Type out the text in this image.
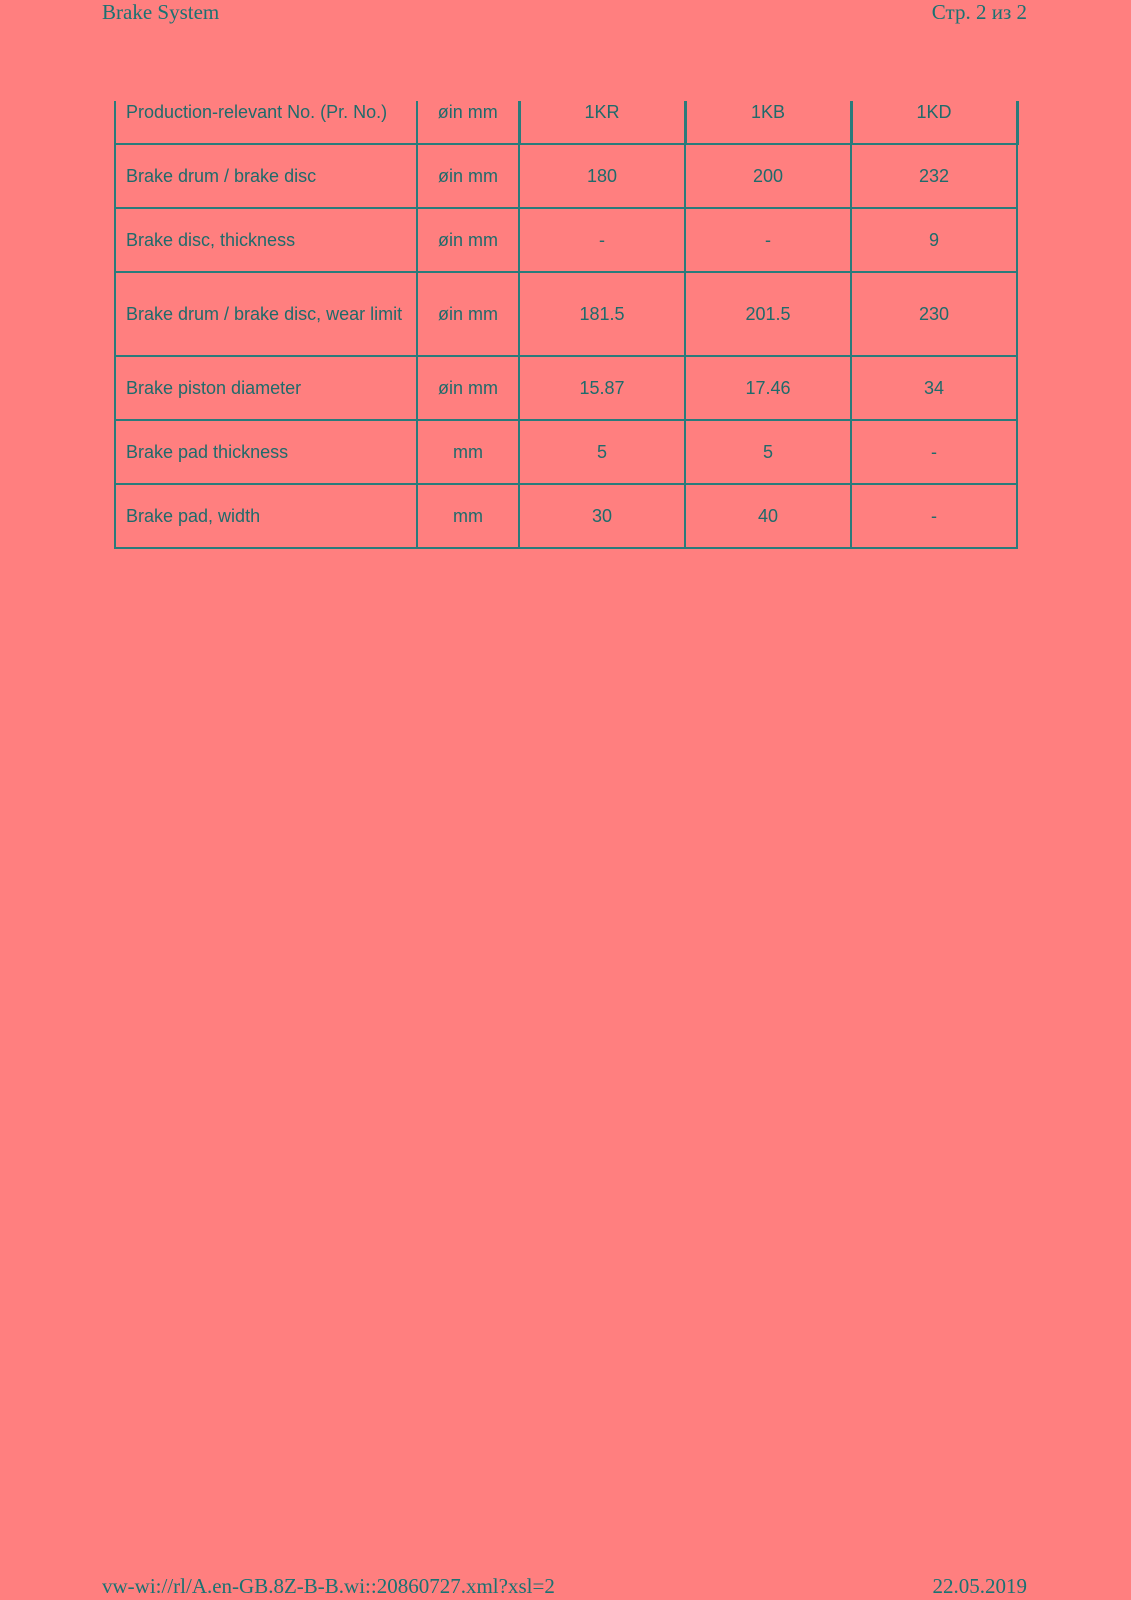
Brake System	Стр. 2 из 2
Production-relevant No. (Pr. No.)	øin mm	1KR	1KB	1KD
Brake drum / brake disc	øin mm	180	200	232
Brake disc, thickness	øin mm	-	-	9
Brake drum / brake disc, wear limit	øin mm	181.5	201.5	230
Brake piston diameter	øin mm	15.87	17.46	34
Brake pad thickness	mm	5	5	-
Brake pad, width	mm	30	40	-
vw-wi://rl/A.en-GB.8Z-B-B.wi::20860727.xml?xsl=2	22.05.2019
